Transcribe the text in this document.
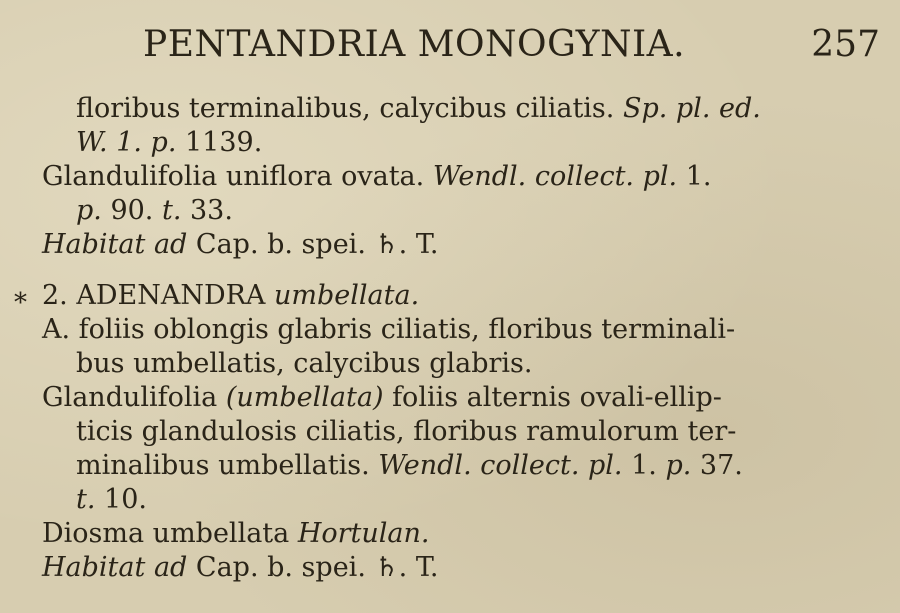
PENTANDRIA MONOGYNIA.	257
*
floribus terminalibus, calycibus ciliatis. Sp. pl. ed.
W. 1. p. 1139.
Glandulifolia uniflora ovata. Wendl. collect. pl. 1.
p. 90. t. 33.
Habitat ad Cap. b. spei. ♄. T.
2. ADENANDRA umbellata.
A. foliis oblongis glabris ciliatis, floribus terminali-
bus umbellatis, calycibus glabris.
Glandulifolia (umbellata) foliis alternis ovali-ellip-
ticis glandulosis ciliatis, floribus ramulorum ter-
minalibus umbellatis. Wendl. collect. pl. 1. p. 37.
t. 10.
Diosma umbellata Hortulan.
Habitat ad Cap. b. spei. ♄. T.
